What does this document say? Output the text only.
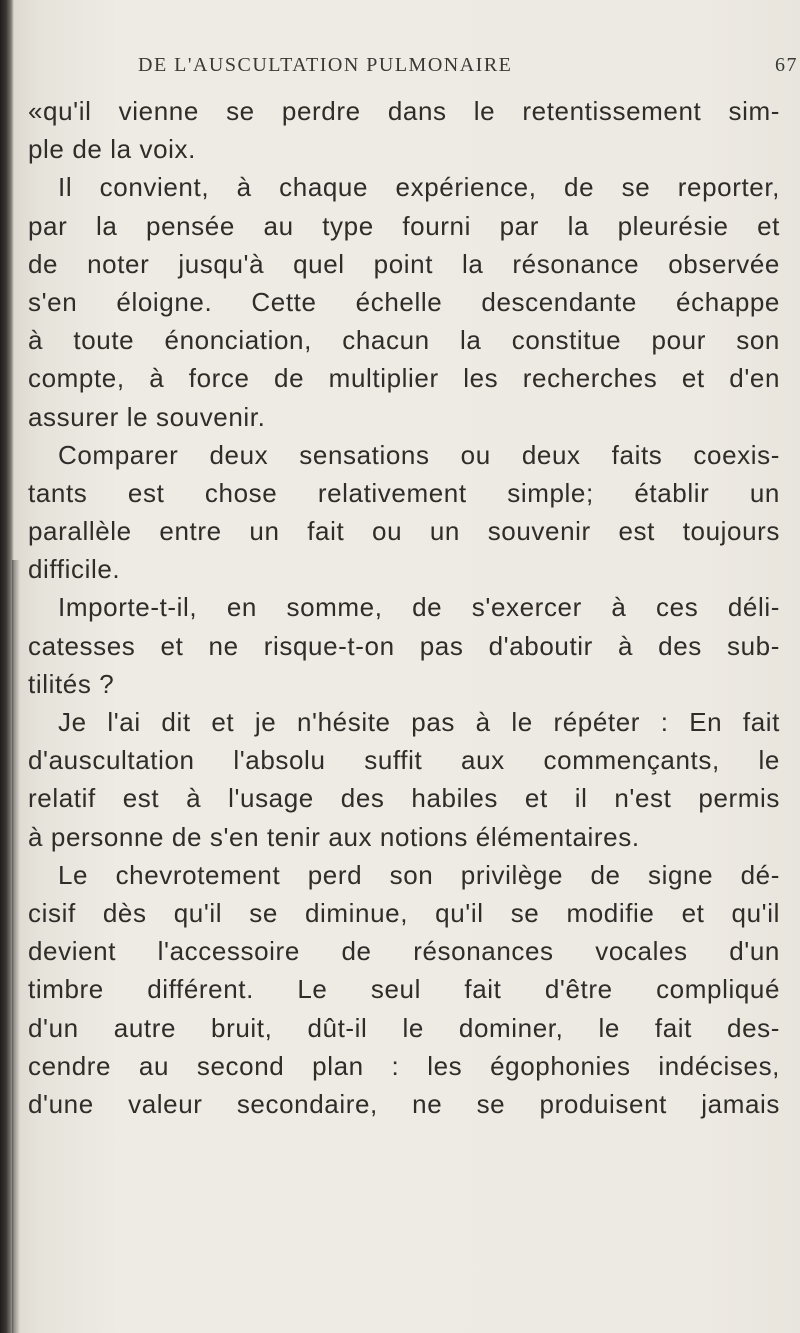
DE L'AUSCULTATION PULMONAIRE	67
«qu'il vienne se perdre dans le retentissement sim-
ple de la voix.
Il convient, à chaque expérience, de se reporter,
par la pensée au type fourni par la pleurésie et
de noter jusqu'à quel point la résonance observée
s'en éloigne. Cette échelle descendante échappe
à toute énonciation, chacun la constitue pour son
compte, à force de multiplier les recherches et d'en
assurer le souvenir.
Comparer deux sensations ou deux faits coexis-
tants est chose relativement simple; établir un
parallèle entre un fait ou un souvenir est toujours
difficile.
Importe-t-il, en somme, de s'exercer à ces déli-
catesses et ne risque-t-on pas d'aboutir à des sub-
tilités ?
Je l'ai dit et je n'hésite pas à le répéter : En fait
d'auscultation l'absolu suffit aux commençants, le
relatif est à l'usage des habiles et il n'est permis
à personne de s'en tenir aux notions élémentaires.
Le chevrotement perd son privilège de signe dé-
cisif dès qu'il se diminue, qu'il se modifie et qu'il
devient l'accessoire de résonances vocales d'un
timbre différent. Le seul fait d'être compliqué
d'un autre bruit, dût-il le dominer, le fait des-
cendre au second plan : les égophonies indécises,
d'une valeur secondaire, ne se produisent jamais
